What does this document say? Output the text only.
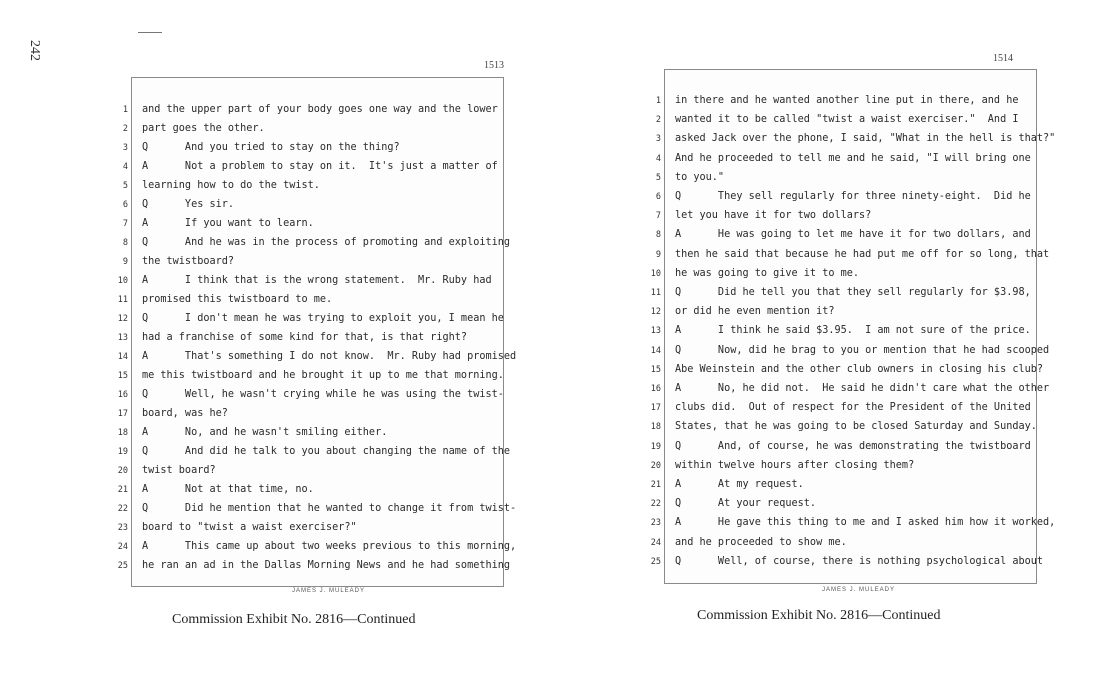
242
1513
1 and the upper part of your body goes one way and the lower
2 part goes the other.
3 Q      And you tried to stay on the thing?
4 A      Not a problem to stay on it.  It's just a matter of
5 learning how to do the twist.
6 Q      Yes sir.
7 A      If you want to learn.
8 Q      And he was in the process of promoting and exploiting
9 the twistboard?
10 A      I think that is the wrong statement.  Mr. Ruby had
11 promised this twistboard to me.
12 Q      I don't mean he was trying to exploit you, I mean he
13 had a franchise of some kind for that, is that right?
14 A      That's something I do not know.  Mr. Ruby had promised
15 me this twistboard and he brought it up to me that morning.
16 Q      Well, he wasn't crying while he was using the twist-
17 board, was he?
18 A      No, and he wasn't smiling either.
19 Q      And did he talk to you about changing the name of the
20 twist board?
21 A      Not at that time, no.
22 Q      Did he mention that he wanted to change it from twist-
23 board to "twist a waist exerciser?"
24 A      This came up about two weeks previous to this morning,
25 he ran an ad in the Dallas Morning News and he had something
JAMES J. MULEADY
Commission Exhibit No. 2816—Continued
1514
1 in there and he wanted another line put in there, and he
2 wanted it to be called "twist a waist exerciser."  And I
3 asked Jack over the phone, I said, "What in the hell is that?"
4 And he proceeded to tell me and he said, "I will bring one
5 to you."
6 Q      They sell regularly for three ninety-eight.  Did he
7 let you have it for two dollars?
8 A      He was going to let me have it for two dollars, and
9 then he said that because he had put me off for so long, that
10 he was going to give it to me.
11 Q      Did he tell you that they sell regularly for $3.98,
12 or did he even mention it?
13 A      I think he said $3.95.  I am not sure of the price.
14 Q      Now, did he brag to you or mention that he had scooped
15 Abe Weinstein and the other club owners in closing his club?
16 A      No, he did not.  He said he didn't care what the other
17 clubs did.  Out of respect for the President of the United
18 States, that he was going to be closed Saturday and Sunday.
19 Q      And, of course, he was demonstrating the twistboard
20 within twelve hours after closing them?
21 A      At my request.
22 Q      At your request.
23 A      He gave this thing to me and I asked him how it worked,
24 and he proceeded to show me.
25 Q      Well, of course, there is nothing psychological about
JAMES J. MULEADY
Commission Exhibit No. 2816—Continued
